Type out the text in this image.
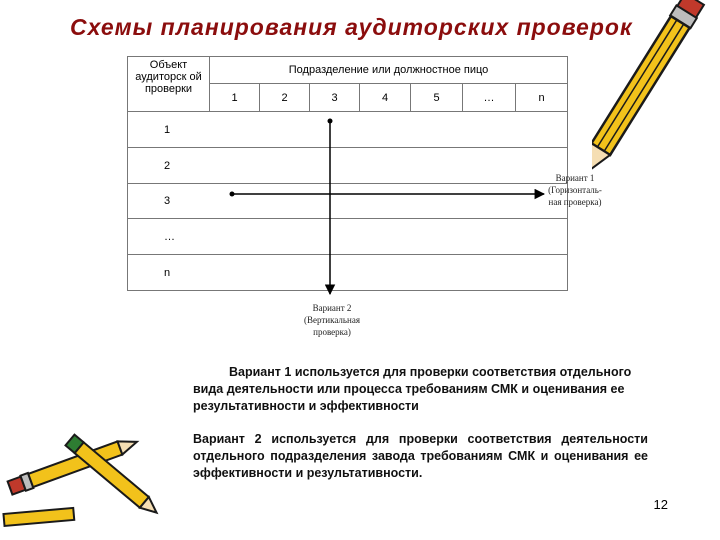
Схемы планирования аудиторских проверок
Объект аудиторск ой проверки	Подразделение или должностное пицо						
	1	2	3	4	5	…	n
1							
2							
3							
…							
n							
Вариант 1
(Горизонталь-
ная проверка)
Вариант 2
(Вертикальная
проверка)
Вариант 1 используется для проверки соответствия отдельного вида деятельности или процесса требованиям СМК и оценивания ее результативности и эффективности
Вариант 2 используется для проверки соответствия деятельности отдельного подразделения завода требованиям СМК и оценивания ее эффективности и результативности.
12
